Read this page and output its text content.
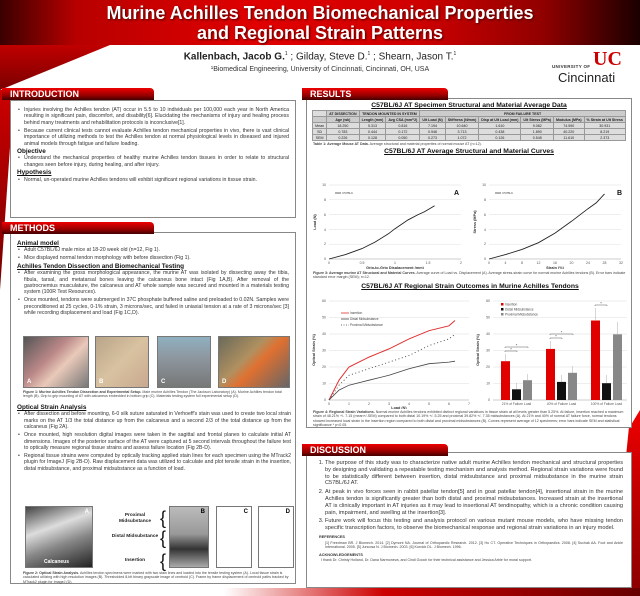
Murine Achilles Tendon Biomechanical Properties
and Regional Strain Patterns
Kallenbach, Jacob G.$^1$ ; Gilday, Steve D.$^1$ ; Shearn, Jason T.$^1$
¹Biomedical Engineering, University of Cincinnati, Cincinnati, OH, USA	UC
UNIVERSITY OF
Cincinnati
• Injuries involving the Achilles tendon (AT) occur in 5.5 to 10 individuals per 100,000 each year in North America resulting in significant pain, discomfort, and disability[6]. Elucidating the mechanisms of injury and healing process behind many treatments and rehabilitation protocols is inconclusive[1].
• Because current clinical tests cannot evaluate Achilles tendon mechanical properties in vivo, there is vast clinical importance of utilizing methods to test the Achilles tendon at normal physiological levels in diseased and injured animal models through fatigue and failure loading.
Objective
• Understand the mechanical properties of healthy murine Achilles tendon tissues in order to relate to structural changes seen before injury, during healing, and after injury.
Hypothesis
• Normal, un-operated murine Achilles tendons will exhibit significant regional variations in tissue strain.
INTRODUCTION
Animal model
• Adult C57BL/6J male mice at 18-20 week old (n=12, Fig 1).
• Mice displayed normal tendon morphology with before dissection (Fig 1).
Achilles Tendon Dissection and Biomechanical Testing
• After examining the gross morphological appearance, the murine AT was isolated by dissecting away the tibia, fibula, tarsal, and metatarsal bones leaving the calcaneus bone intact (Fig 1A,B). After removal of the gastrocnemius musculature, the calcaneus and AT whole sample was secured and mounted in a materials testing system (100R Test Resources).
• Once mounted, tendons were submerged in 37C phosphate buffered saline and preloaded to 0.02N. Samples were preconditioned at 25 cycles, 0-1% strain, 3 microns/sec, and failed in uniaxial tension at a rate of 3 microns/sec [3] while recording displacement and load (Fig 1C,D).
A	B	C	D
Figure 1: Murine Achilles Tendon Dissection and Experimental Setup. Male murine Achilles Tendon (The Jackson Laboratory) (A). Murine Achilles tendon total length (B). Grip to grip mounting of AT with calcaneus embedded in bottom grip (C). Materials testing system full experimental setup (D).
Optical Strain Analysis
• After dissection and before mounting, 6-0 silk suture saturated in Verhoeff's stain was used to create two local strain marks on the AT 1/3 the total distance up from the calcaneus and a second 2/3 of the total distance up from the calcaneus (Fig 2A).
• Once mounted, high resolution digital images were taken in the sagittal and frontal planes to calculate initial AT dimensions. Images of the posterior surface of the AT were captured at 5 second intervals throughout the failure test to optically measure regional tissue strains and assess failure location (Fig 2B-D).
• Regional tissue strains were computed by optically tracking applied stain lines for each specimen using the MTrack2 plugin for ImageJ (Fig 2B-D). Raw displacement data was utilized to calculate and plot tensile strain in the insertion, distal midsubstance, and proximal midsubstance as a function of load.
A
Calcaneus
Proximal Midsubstance
Distal Midsubstance
Insertion
{
{
{
B	C	D
Figure 2: Optical Strain Analysis. Achilles tendon specimens were marked with two stain lines and loaded into the tensile testing system (A). Local tissue strain is calculated utilizing with high resolution images (B). Thresholded 8-bit binary grayscale image of centroid (C). Frame by frame displacement of centroid paths tracked by MTrack2 plugin for ImageJ (D).
METHODS
C57BL/6J AT Specimen Structural and Material Average Data
	AT DISSECTION	TENDON MOUNTED IN SYSTEM		FROM FAILURE TEST					
	Age (wk)	Length (mm)	Avg CSA (mm^2)	Ult Load (N)	Stiffness (N/mm)	Disp at Ult Load (mm)	Ult Stress (MPa)	Modulus (MPa)	% Strain at Ult Stress
Mean	18.250	5.313	0.816	7.194	10.640	1.610	9.082	74.590	30.931
SD	0.783	0.444	0.172	0.946	3.713	0.438	1.890	40.220	8.219
SEM	0.226	0.128	0.050	0.273	1.072	0.126	0.545	11.610	2.373
Table 1: Average Mouse AT Data. Average structural and material properties of normal mouse AT (n=12).
C57BL/6J AT Average Structural and Material Curves
10
8
6
4
2
0
0	0.5	1	1.5	2
Grip-to-Grip Displacement (mm)
Load (N)
C57BL6	A
10
8
6
4
2
0
0	4	8	12	16	20	24	28	32
Strain (%)
Stress (MPa)
C57BL6	B
Figure 3: Average murine AT Structural and Material Curves. Average curve of Load vs. Displacement (A). Average stress-strain curve for normal murine Achilles tendons (B). Error bars indicate standard error margin (SEM); n=12.
C57BL/6J AT Regional Strain Outcomes in Murine Achilles Tendons
60
50
40
30
20
10
0
0	1	2	3	4	5	6	7
Load (N)
Optical Strain (%)
Insertion
Distal Midsubstance
Proximal Midsubstance
60
50
40
30
20
10
0
Optical Strain (%)	*
*
*
*
*
21% of Failure Load	40% of Failure Load	100% of Failure Load
Insertion
Distal Midsubstance
Proximal Midsubstance
Figure 4: Regional Strain Variations. Normal murine Achilles tendons exhibited distinct regional variations in tissue strain at all levels greater than 5.25%. At failure, insertion reached a maximum strain of 48.21% +/- 7.15 (mean+/-SEM) compared to both distal 10.19% +/- 5.25 and proximal 39.82% +/- 7.35 midsubstances (A). At 21% and 40% of normal AT failure force, normal tendons showed increased local strain in the insertion region compared to both distal and proximal midsubstances (B). Curves represent average of 12 specimens; error bars indicate SEM and statistical significance * p<0.05.
RESULTS
1. The purpose of this study was to characterize native adult murine Achilles tendon mechanical and structural properties by designing and validating a repeatable testing mechanism and analysis method. Regional strain variations were found to be statistically different between insertion, distal midsubstance and proximal midsubstance in the murine strain C57BL/6J AT.
2. At peak in vivo forces seen in rabbit patellar tendon[5] and in goat patellar tendon[4], insertional strain in the murine Achilles tendon is significantly greater than both distal and proximal midsubstances. Increased strain at the insertional AT is clinically important in AT injuries as it may lead to insertional AT tendinopathy, which is a chronic condition causing pain, impairment, and swelling at the insertion[3].
3. Future work will focus this testing and analysis protocol on various mutant mouse models, who have missing tendon specific transcription factors, to observe the biomechanical response and regional strain variations in an injury model.
REFERENCES
[1] Freedman BR. J Biomech. 2014. [2] Dymont NA. Journal of Orthopaedic Research. 2012. [3] Hu CT. Operative Techniques in Orthopaedics. 2008. [4] Suchak AA. Foot and Ankle International. 2005. [5] Juncosa N. J Biomech. 2003. [6] Korvick DL. J Biomech. 1996.
ACKNOWLEDGEMENTS
I thank Dr. Christy Holland, Dr. Dana Narmoneva, and Cindi Gooch for their technical assistance and Jessica Arble for moral support.
DISCUSSION
